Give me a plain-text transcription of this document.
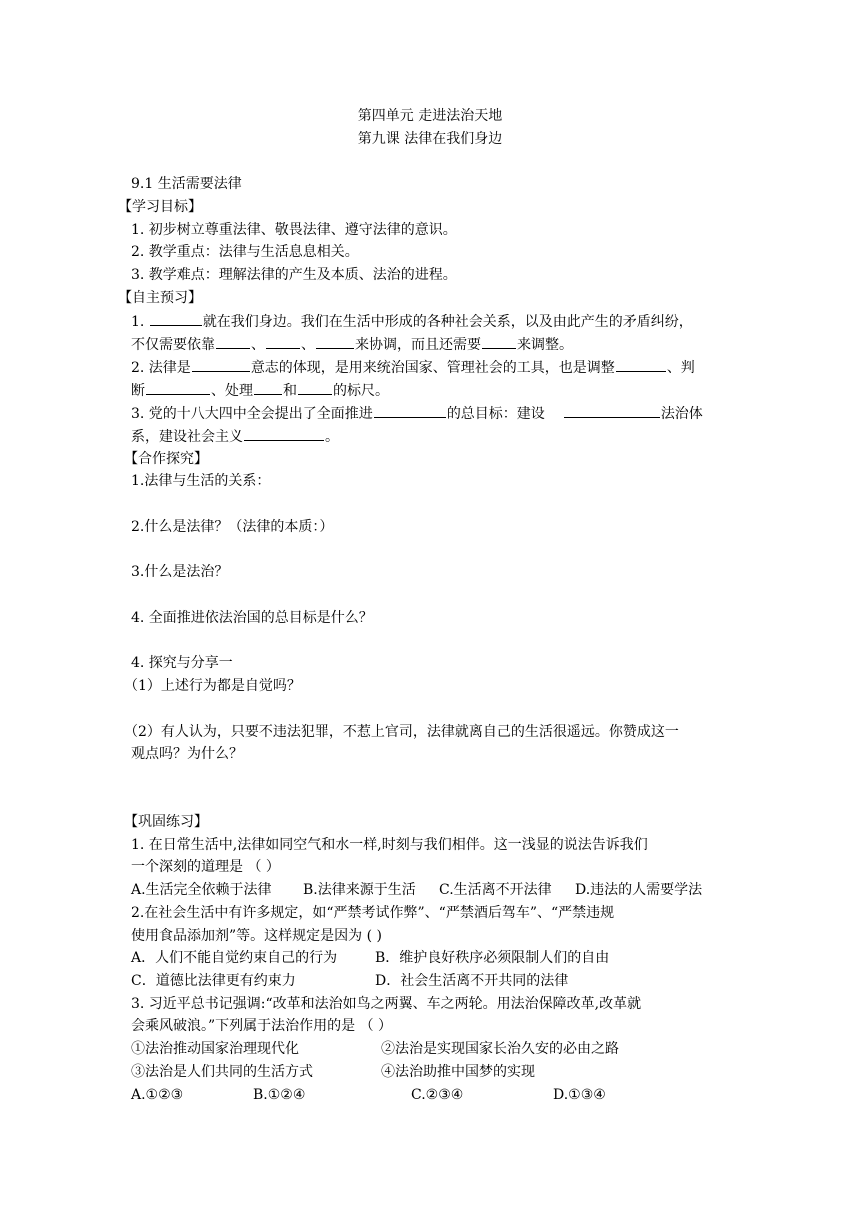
第四单元 走进法治天地
第九课 法律在我们身边
9.1 生活需要法律
【学习目标】
1. 初步树立尊重法律、敬畏法律、遵守法律的意识。
2. 教学重点：法律与生活息息相关。
3. 教学难点：理解法律的产生及本质、法治的进程。
【自主预习】
1.	就在我们身边。我们在生活中形成的各种社会关系，以及由此产生的矛盾纠纷，
不仅需要依靠	、	、	来协调，而且还需要	来调整。
2. 法律是	意志的体现，是用来统治国家、管理社会的工具，也是调整	、判
断	、处理 和	的标尺。
3. 党的十八大四中全会提出了全面推进	的总目标：建设	法治体
系，建设社会主义	。
【合作探究】
1.法律与生活的关系：
2.什么是法律？（法律的本质：）
3.什么是法治？
4. 全面推进依法治国的总目标是什么？
4. 探究与分享一
（1）上述行为都是自觉吗？
（2）有人认为，只要不违法犯罪，不惹上官司，法律就离自己的生活很遥远。你赞成这一
观点吗？为什么？
【巩固练习】
1. 在日常生活中,法律如同空气和水一样,时刻与我们相伴。这一浅显的说法告诉我们
一个深刻的道理是 （ ）
A.生活完全依赖于法律 B.法律来源于生活 C.生活离不开法律 D.违法的人需要学法
2.在社会生活中有许多规定，如“严禁考试作弊”、“严禁酒后驾车”、“严禁违规
使用食品添加剂”等。这样规定是因为 ( )
A．人们不能自觉约束自己的行为	B．维护良好秩序必须限制人们的自由
C．道德比法律更有约束力	D．社会生活离不开共同的法律
3. 习近平总书记强调:“改革和法治如鸟之两翼、车之两轮。用法治保障改革,改革就
会乘风破浪。”下列属于法治作用的是 （ ）
①法治推动国家治理现代化	②法治是实现国家长治久安的必由之路
③法治是人们共同的生活方式	④法治助推中国梦的实现
A.①②③	B.①②④	C.②③④	D.①③④
